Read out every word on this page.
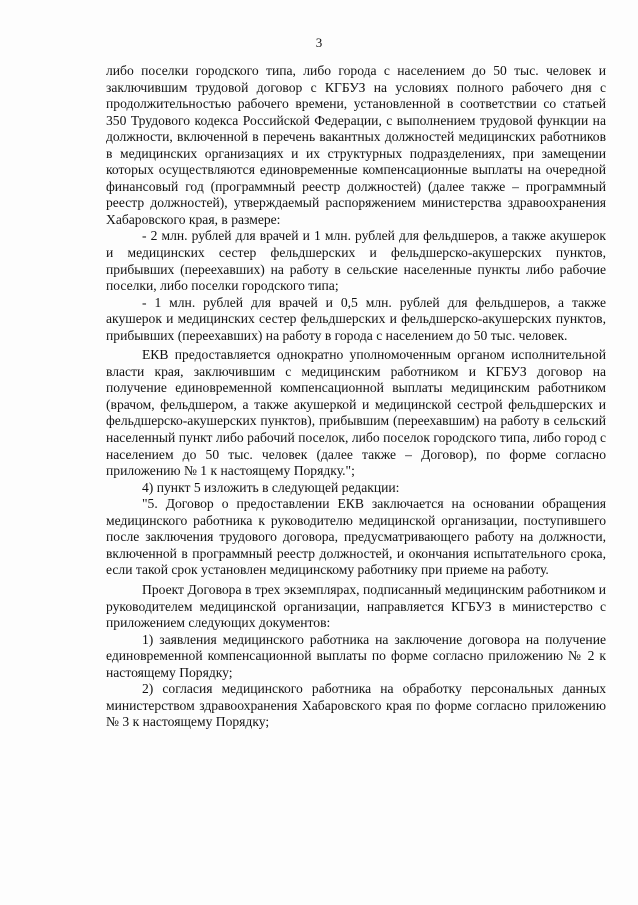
3

либо поселки городского типа, либо города с населением до 50 тыс. человек и заключившим трудовой договор с КГБУЗ на условиях полного рабочего дня с продолжительностью рабочего времени, установленной в соответствии со статьей 350 Трудового кодекса Российской Федерации, с выполнением трудовой функции на должности, включенной в перечень вакантных должностей медицинских работников в медицинских организациях и их структурных подразделениях, при замещении которых осуществляются единовременные компенсационные выплаты на очередной финансовый год (программный реестр должностей) (далее также – программный реестр должностей), утверждаемый распоряжением министерства здравоохранения Хабаровского края, в размере:

- 2 млн. рублей для врачей и 1 млн. рублей для фельдшеров, а также акушерок и медицинских сестер фельдшерских и фельдшерско-акушерских пунктов, прибывших (переехавших) на работу в сельские населенные пункты либо рабочие поселки, либо поселки городского типа;

- 1 млн. рублей для врачей и 0,5 млн. рублей для фельдшеров, а также акушерок и медицинских сестер фельдшерских и фельдшерско-акушерских пунктов, прибывших (переехавших) на работу в города с населением до 50 тыс. человек.

ЕКВ предоставляется однократно уполномоченным органом исполнительной власти края, заключившим с медицинским работником и КГБУЗ договор на получение единовременной компенсационной выплаты медицинским работником (врачом, фельдшером, а также акушеркой и медицинской сестрой фельдшерских и фельдшерско-акушерских пунктов), прибывшим (переехавшим) на работу в сельский населенный пункт либо рабочий поселок, либо поселок городского типа, либо город с населением до 50 тыс. человек (далее также – Договор), по форме согласно приложению № 1 к настоящему Порядку.";

4) пункт 5 изложить в следующей редакции:

"5. Договор о предоставлении ЕКВ заключается на основании обращения медицинского работника к руководителю медицинской организации, поступившего после заключения трудового договора, предусматривающего работу на должности, включенной в программный реестр должностей, и окончания испытательного срока, если такой срок установлен медицинскому работнику при приеме на работу.

Проект Договора в трех экземплярах, подписанный медицинским работником и руководителем медицинской организации, направляется КГБУЗ в министерство с приложением следующих документов:

1) заявления медицинского работника на заключение договора на получение единовременной компенсационной выплаты по форме согласно приложению № 2 к настоящему Порядку;

2) согласия медицинского работника на обработку персональных данных министерством здравоохранения Хабаровского края по форме согласно приложению № 3 к настоящему Порядку;
